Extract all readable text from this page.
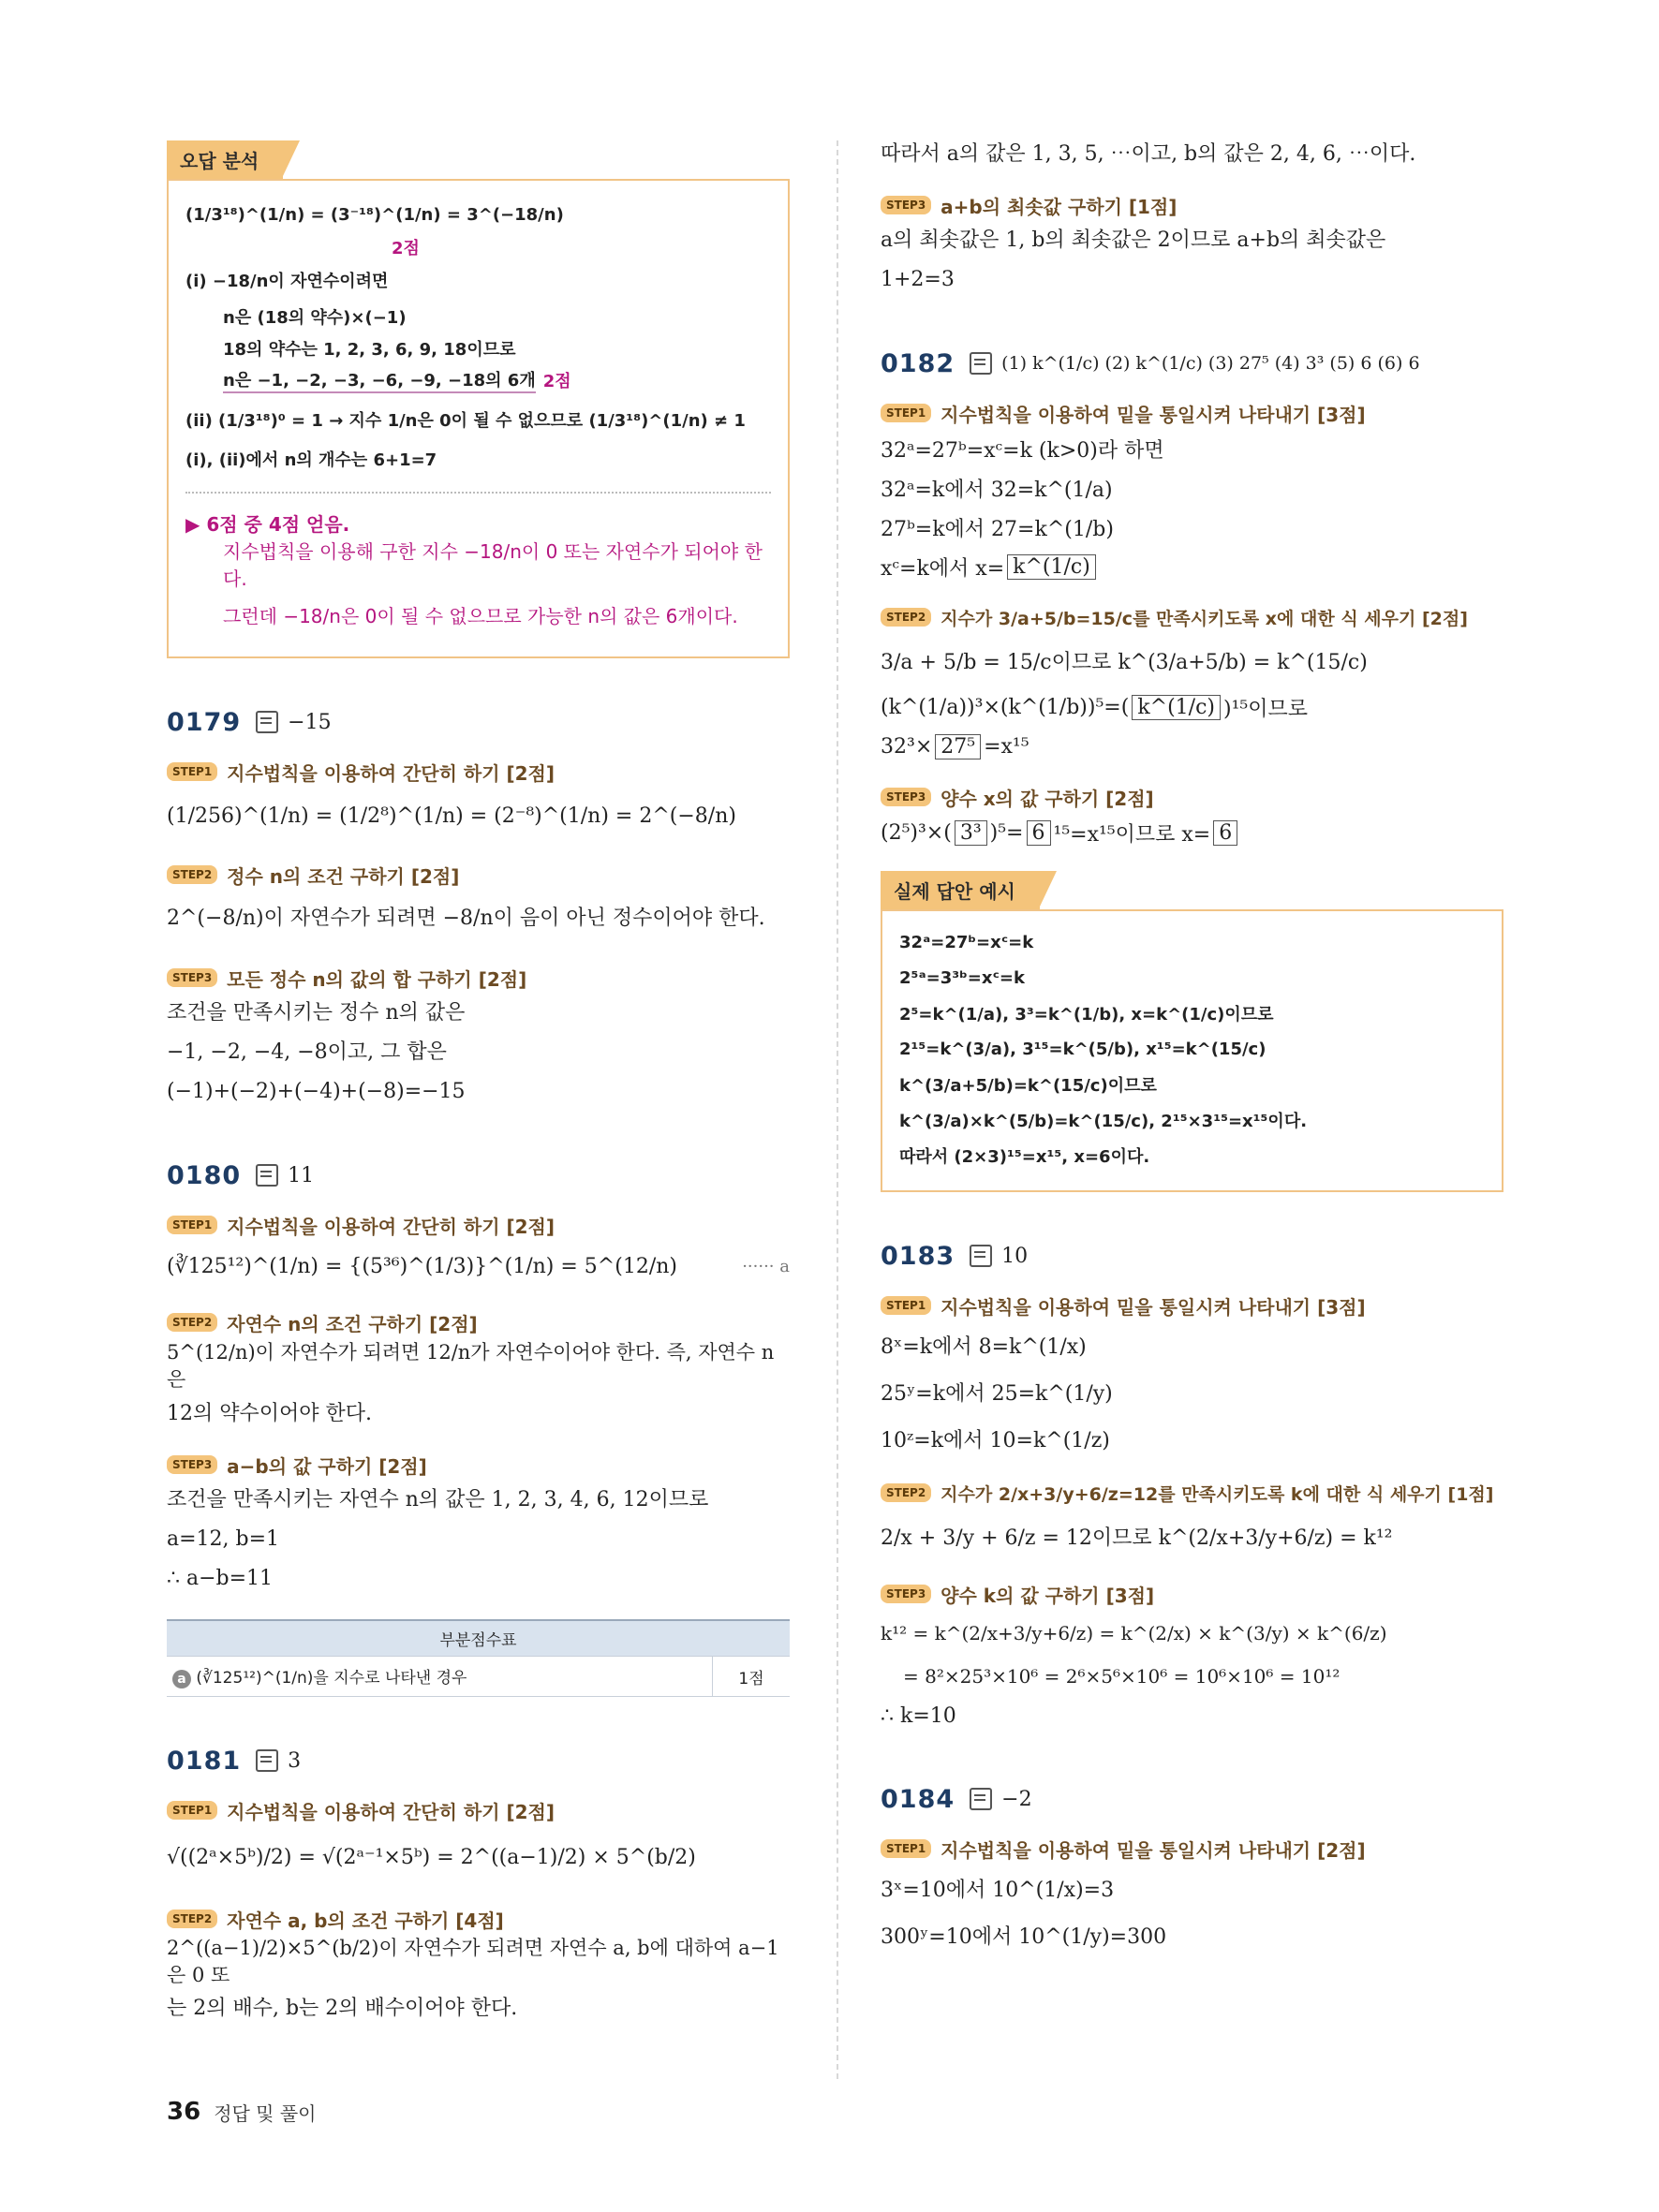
오답 분석
(1/3¹⁸)^(1/n) = (3⁻¹⁸)^(1/n) = 3^(−18/n)
2점
(i) −18/n이 자연수이려면
n은 (18의 약수)×(−1)
18의 약수는 1, 2, 3, 6, 9, 18이므로
n은 −1, −2, −3, −6, −9, −18의 6개 2점
(ii) (1/3¹⁸)⁰ = 1 → 지수 1/n은 0이 될 수 없으므로 (1/3¹⁸)^(1/n) ≠ 1
(i), (ii)에서 n의 개수는 6+1=7
▶ 6점 중 4점 얻음.
지수법칙을 이용해 구한 지수 −18/n이 0 또는 자연수가 되어야 한다.
그런데 −18/n은 0이 될 수 없으므로 가능한 n의 값은 6개이다.
0179 −15
STEP1 지수법칙을 이용하여 간단히 하기 [2점]
(1/256)^(1/n) = (1/2⁸)^(1/n) = (2⁻⁸)^(1/n) = 2^(−8/n)
STEP2 정수 n의 조건 구하기 [2점]
2^(−8/n)이 자연수가 되려면 −8/n이 음이 아닌 정수이어야 한다.
STEP3 모든 정수 n의 값의 합 구하기 [2점]
조건을 만족시키는 정수 n의 값은
−1, −2, −4, −8이고, 그 합은
(−1)+(−2)+(−4)+(−8)=−15
0180 11
STEP1 지수법칙을 이용하여 간단히 하기 [2점]
(∛125¹²)^(1/n) = {(5³⁶)^(1/3)}^(1/n) = 5^(12/n)	······ a
STEP2 자연수 n의 조건 구하기 [2점]
5^(12/n)이 자연수가 되려면 12/n가 자연수이어야 한다. 즉, 자연수 n은
12의 약수이어야 한다.
STEP3 a−b의 값 구하기 [2점]
조건을 만족시키는 자연수 n의 값은 1, 2, 3, 4, 6, 12이므로
a=12, b=1
∴ a−b=11
부분점수표
a (∛125¹²)^(1/n)을 지수로 나타낸 경우	1점
0181 3
STEP1 지수법칙을 이용하여 간단히 하기 [2점]
√((2ᵃ×5ᵇ)/2) = √(2ᵃ⁻¹×5ᵇ) = 2^((a−1)/2) × 5^(b/2)
STEP2 자연수 a, b의 조건 구하기 [4점]
2^((a−1)/2)×5^(b/2)이 자연수가 되려면 자연수 a, b에 대하여 a−1은 0 또
는 2의 배수, b는 2의 배수이어야 한다.
따라서 a의 값은 1, 3, 5, ⋯이고, b의 값은 2, 4, 6, ⋯이다.
STEP3 a+b의 최솟값 구하기 [1점]
a의 최솟값은 1, b의 최솟값은 2이므로 a+b의 최솟값은
1+2=3
0182	(1) k^(1/c) (2) k^(1/c) (3) 27⁵ (4) 3³ (5) 6 (6) 6
STEP1 지수법칙을 이용하여 밑을 통일시켜 나타내기 [3점]
32ᵃ=27ᵇ=xᶜ=k (k>0)라 하면
32ᵃ=k에서 32=k^(1/a)
27ᵇ=k에서 27=k^(1/b)
xᶜ=k에서 x= k^(1/c)
STEP2 지수가 3/a+5/b=15/c를 만족시키도록 x에 대한 식 세우기 [2점]
3/a + 5/b = 15/c이므로 k^(3/a+5/b) = k^(15/c)
(k^(1/a))³×(k^(1/b))⁵=( k^(1/c) )¹⁵이므로
32³× 27⁵ =x¹⁵
STEP3 양수 x의 값 구하기 [2점]
(2⁵)³×( 3³ )⁵= 6 ¹⁵=x¹⁵이므로 x= 6
실제 답안 예시
32ᵃ=27ᵇ=xᶜ=k
2⁵ᵃ=3³ᵇ=xᶜ=k
2⁵=k^(1/a), 3³=k^(1/b), x=k^(1/c)이므로
2¹⁵=k^(3/a), 3¹⁵=k^(5/b), x¹⁵=k^(15/c)
k^(3/a+5/b)=k^(15/c)이므로
k^(3/a)×k^(5/b)=k^(15/c), 2¹⁵×3¹⁵=x¹⁵이다.
따라서 (2×3)¹⁵=x¹⁵, x=6이다.
0183 10
STEP1 지수법칙을 이용하여 밑을 통일시켜 나타내기 [3점]
8ˣ=k에서 8=k^(1/x)
25ʸ=k에서 25=k^(1/y)
10ᶻ=k에서 10=k^(1/z)
STEP2 지수가 2/x+3/y+6/z=12를 만족시키도록 k에 대한 식 세우기 [1점]
2/x + 3/y + 6/z = 12이므로 k^(2/x+3/y+6/z) = k¹²
STEP3 양수 k의 값 구하기 [3점]
k¹² = k^(2/x+3/y+6/z) = k^(2/x) × k^(3/y) × k^(6/z)
= 8²×25³×10⁶ = 2⁶×5⁶×10⁶ = 10⁶×10⁶ = 10¹²
∴ k=10
0184 −2
STEP1 지수법칙을 이용하여 밑을 통일시켜 나타내기 [2점]
3ˣ=10에서 10^(1/x)=3
300ʸ=10에서 10^(1/y)=300
36 정답 및 풀이
